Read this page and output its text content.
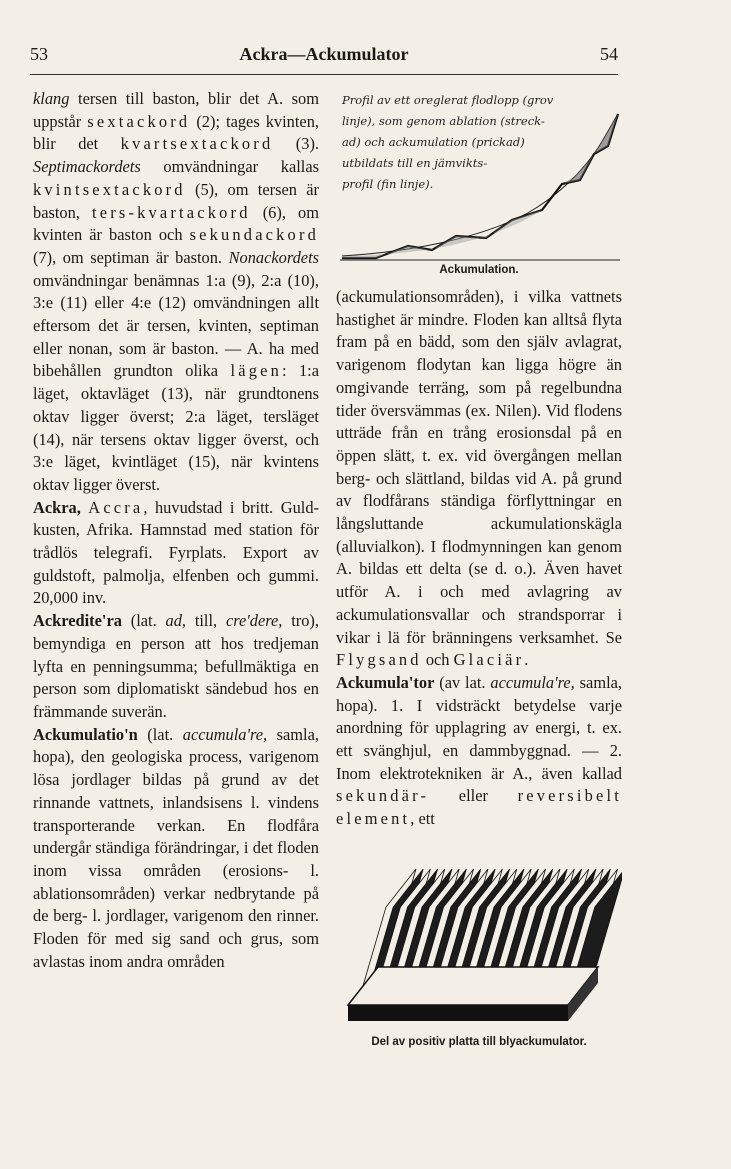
53	Ackra—Ackumulator	54

klang tersen till baston, blir det A. som uppstår sextackord (2); tages kvinten, blir det kvartsextackord (3). Septimackordets omvändningar kallas kvintsextackord (5), om tersen är baston, ters-kvartackord (6), om kvinten är baston och sekundackord (7), om septiman är baston. Nonackordets omvändningar benämnas 1:a (9), 2:a (10), 3:e (11) eller 4:e (12) omvändningen allt eftersom det är tersen, kvinten, septiman eller nonan, som är baston. — A. ha med bibehållen grundton olika lägen: 1:a läget, oktavläget (13), när grundtonens oktav ligger överst; 2:a läget, tersläget (14), när tersens oktav ligger överst, och 3:e läget, kvintläget (15), när kvintens oktav ligger överst.

Ackra, Accra, huvudstad i britt. Guld-kusten, Afrika. Hamnstad med station för trådlös telegrafi. Fyrplats. Export av guldstoft, palmolja, elfenben och gummi. 20,000 inv.

Ackredite'ra (lat. ad, till, cre'dere, tro), bemyndiga en person att hos tredjeman lyfta en penningsumma; befullmäktiga en person som diplomatiskt sändebud hos en främmande suverän.

Ackumulatio'n (lat. accumula're, samla, hopa), den geologiska process, varigenom lösa jordlager bildas på grund av det rinnande vattnets, inlandsisens l. vindens transporterande verkan. En flodfåra undergår ständiga förändringar, i det floden inom vissa områden (erosions- l. ablationsområden) verkar nedbrytande på de berg- l. jordlager, varigenom den rinner. Floden för med sig sand och grus, som avlastas inom andra områden

Profil av ett oreglerat flodlopp (grov
linje), som genom ablation (streck-
ad) och ackumulation (prickad)
utbildats till en jämvikts-
profil (fin linje).
Ackumulation.

(ackumulationsområden), i vilka vattnets hastighet är mindre. Floden kan alltså flyta fram på en bädd, som den själv avlagrat, varigenom flodytan kan ligga högre än omgivande terräng, som på regelbundna tider översvämmas (ex. Nilen). Vid flodens utträde från en trång erosionsdal på en öppen slätt, t. ex. vid övergången mellan berg- och slättland, bildas vid A. på grund av flodfårans ständiga förflyttningar en långsluttande ackumulationskägla (alluvialkon). I flodmynningen kan genom A. bildas ett delta (se d. o.). Även havet utför A. i och med avlagring av ackumulationsvallar och strandsporrar i vikar i lä för bränningens verksamhet. Se Flygsand och Glaciär.

Ackumula'tor (av lat. accumula're, samla, hopa). 1. I vidsträckt betydelse varje anordning för upplagring av energi, t. ex. ett svänghjul, en dammbyggnad. — 2. Inom elektrotekniken är A., även kallad sekundär- eller reversibelt element, ett

Del av positiv platta till blyackumulator.
